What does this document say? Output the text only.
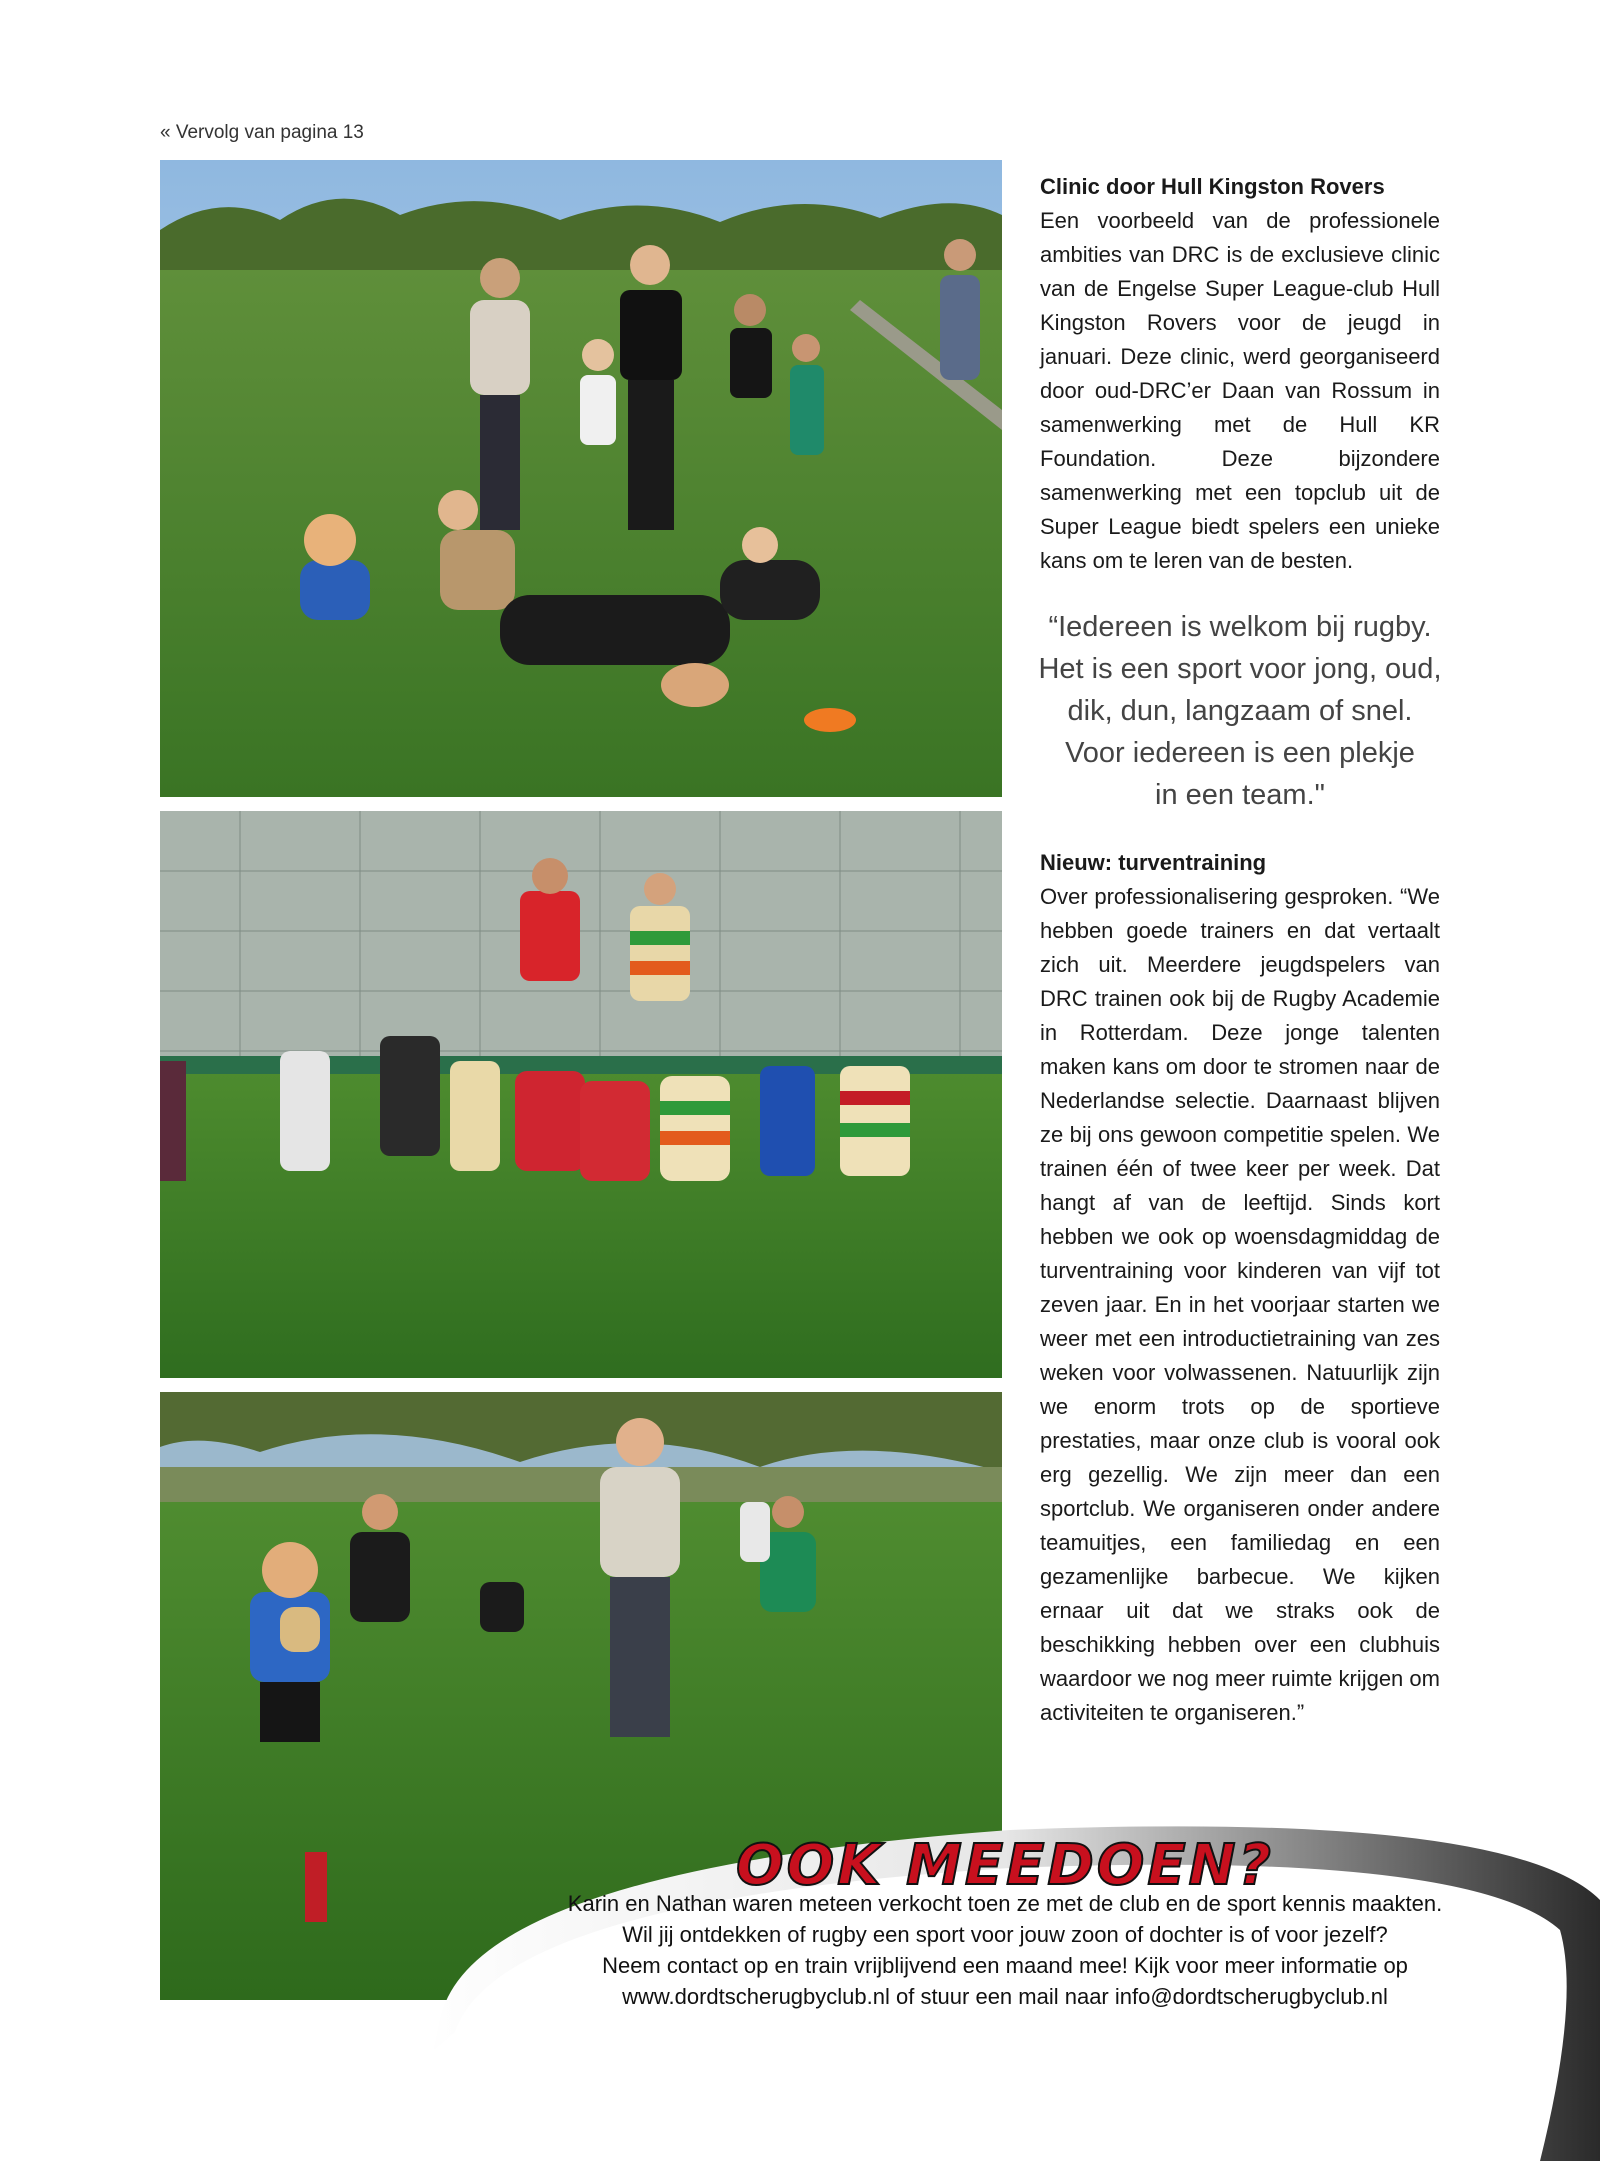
« Vervolg van pagina 13
Clinic door Hull Kingston Rovers

Een voorbeeld van de professionele ambities van DRC is de exclusieve clinic van de Engelse Super League-club Hull Kingston Rovers voor de jeugd in januari. Deze clinic, werd georganiseerd door oud-DRC’er Daan van Rossum in samenwerking met de Hull KR Foundation. Deze bijzondere samenwerking met een topclub uit de Super League biedt spelers een unieke kans om te leren van de besten.

“Iedereen is welkom bij rugby.
Het is een sport voor jong, oud,
dik, dun, langzaam of snel.
Voor iedereen is een plekje
in een team."
Nieuw: turventraining

Over professionalisering gesproken. “We hebben goede trainers en dat vertaalt zich uit. Meerdere jeugdspelers van DRC trainen ook bij de Rugby Academie in Rotterdam. Deze jonge talenten maken kans om door te stromen naar de Nederlandse selectie. Daarnaast blijven ze bij ons gewoon competitie spelen. We trainen één of twee keer per week. Dat hangt af van de leeftijd. Sinds kort hebben we ook op woensdagmiddag de turventraining voor kinderen van vijf tot zeven jaar. En in het voorjaar starten we weer met een introductietraining van zes weken voor volwassenen. Natuurlijk zijn we enorm trots op de sportieve prestaties, maar onze club is vooral ook erg gezellig. We zijn meer dan een sportclub. We organiseren onder andere teamuitjes, een familiedag en een gezamenlijke barbecue. We kijken ernaar uit dat we straks ook de beschikking hebben over een clubhuis waardoor we nog meer ruimte krijgen om activiteiten te organiseren.”

OOK MEEDOEN?
Karin en Nathan waren meteen verkocht toen ze met de club en de sport kennis maakten.
Wil jij ontdekken of rugby een sport voor jouw zoon of dochter is of voor jezelf?
Neem contact op en train vrijblijvend een maand mee! Kijk voor meer informatie op
www.dordtscherugbyclub.nl of stuur een mail naar info@dordtscherugbyclub.nl
